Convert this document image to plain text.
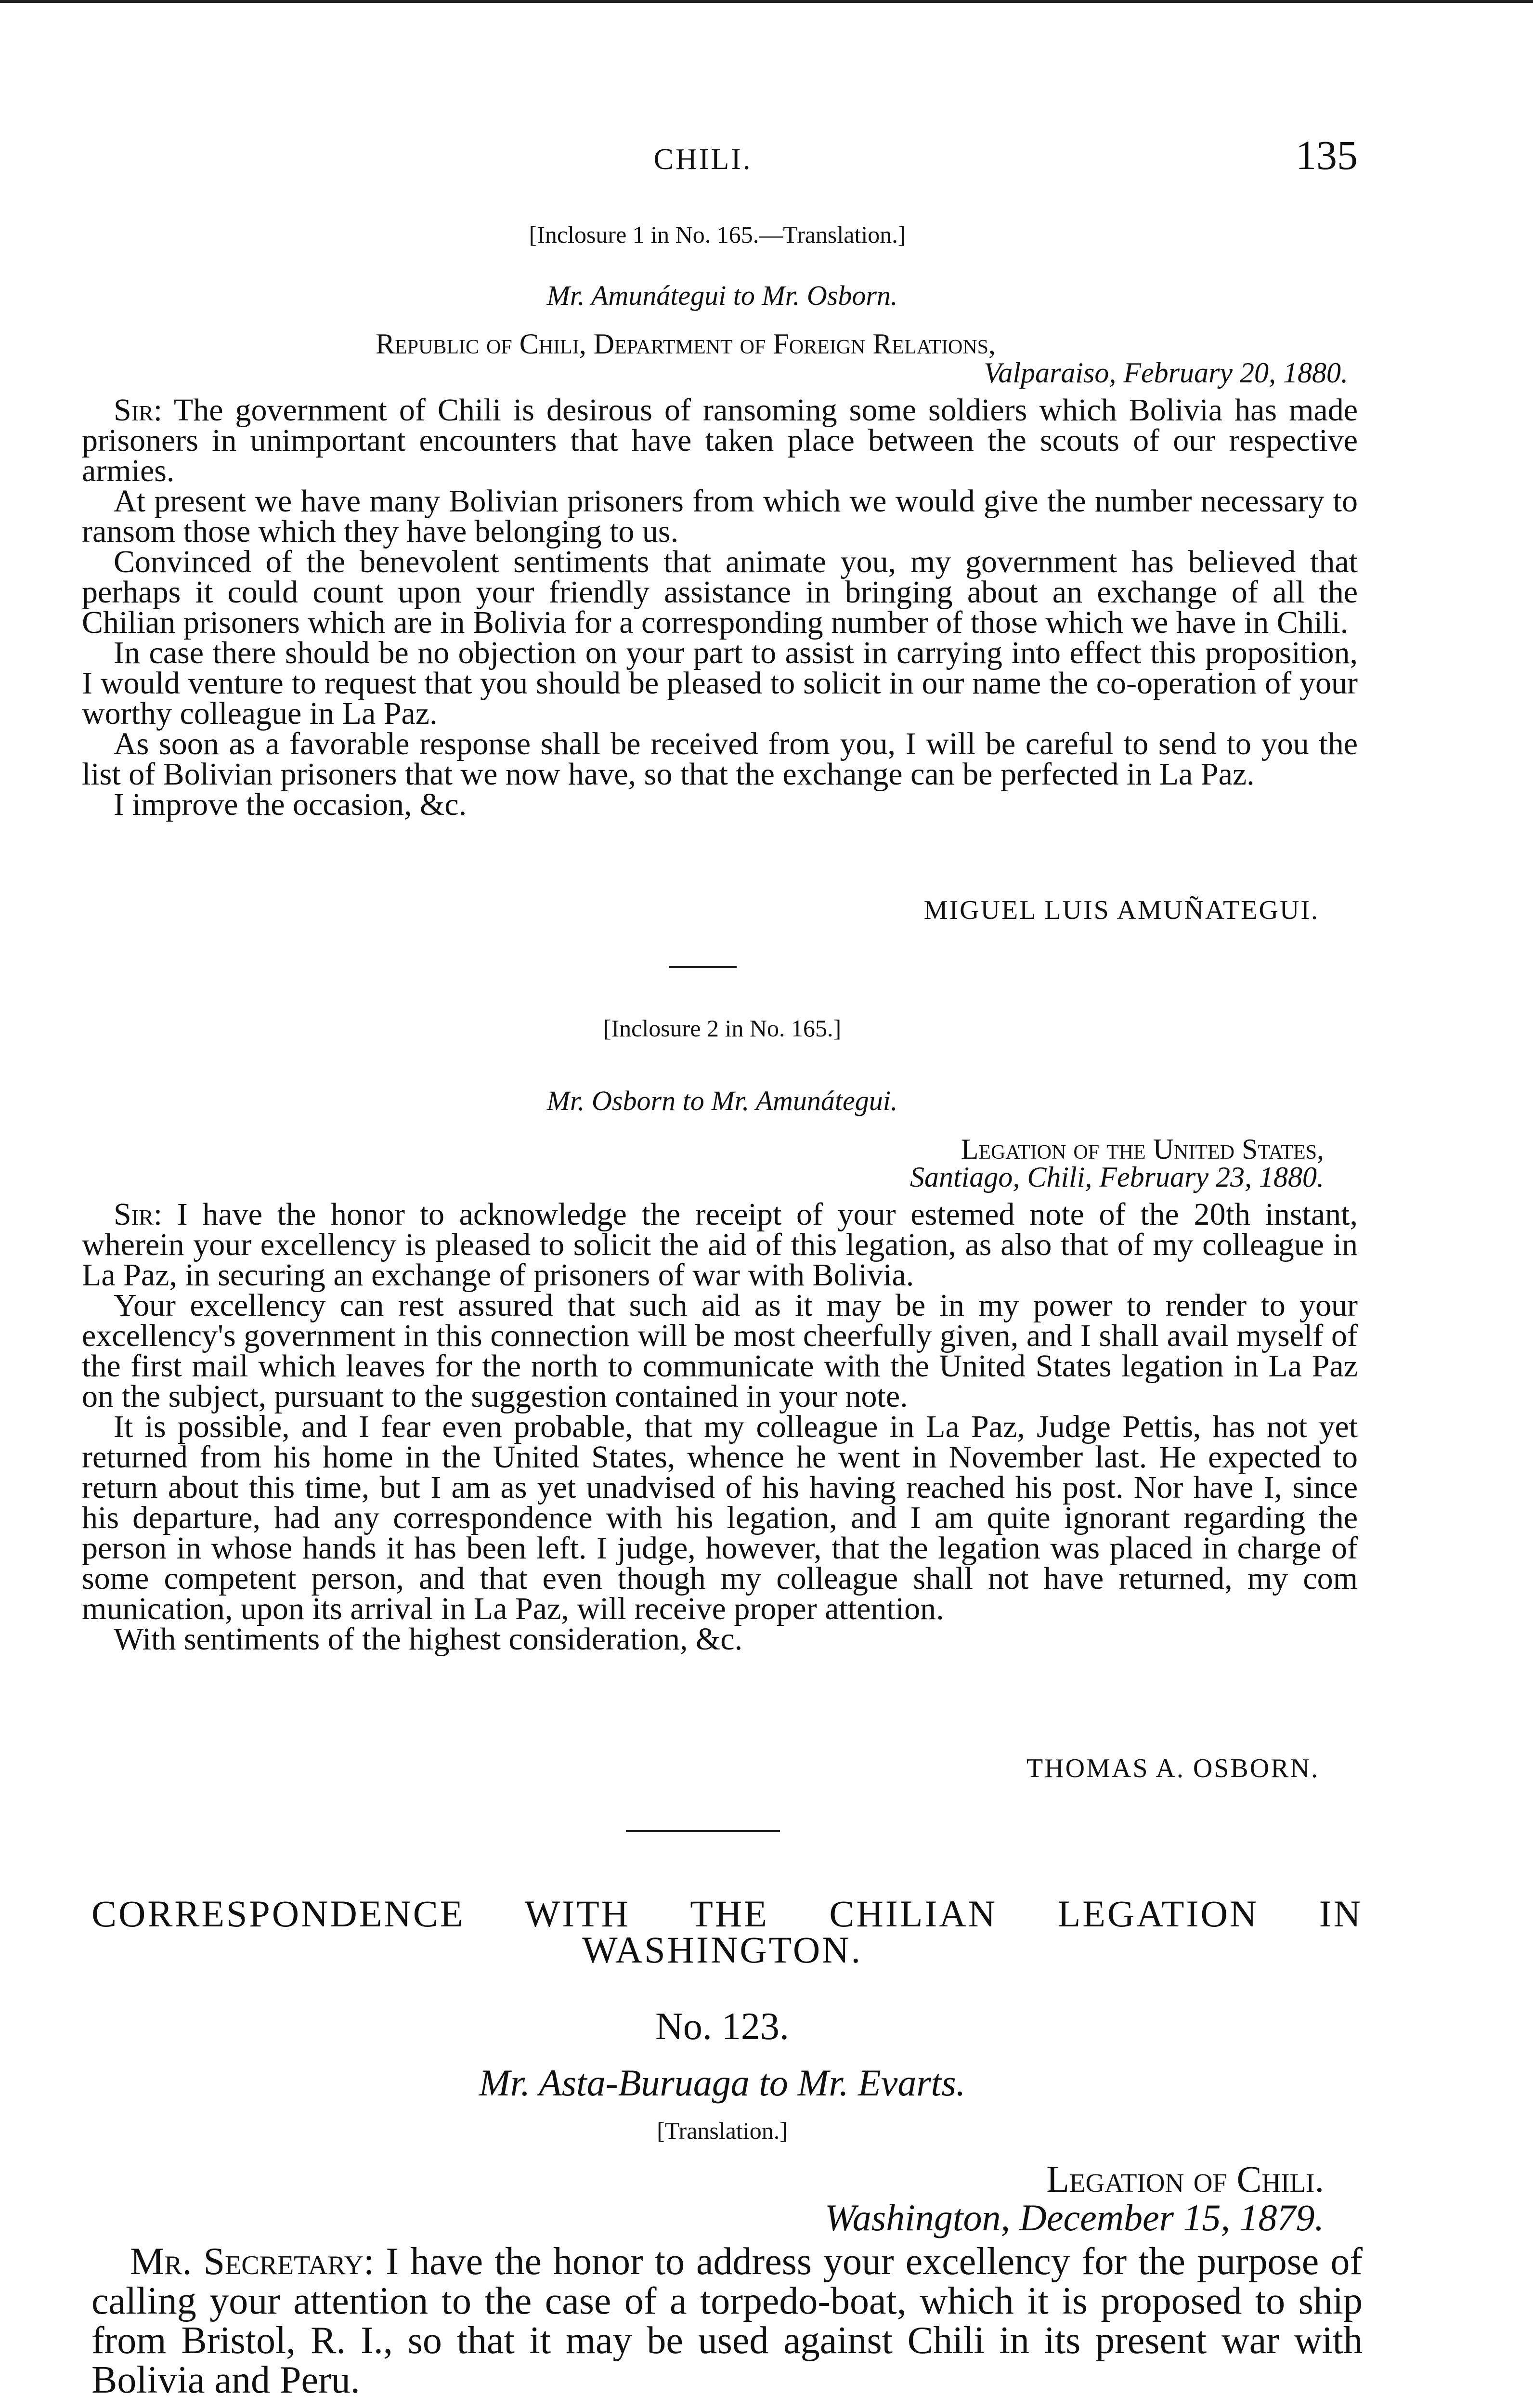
CHILI.	135
[Inclosure 1 in No. 165.—Translation.]
Mr. Amunátegui to Mr. Osborn.
Republic of Chili, Department of Foreign Relations,
Valparaiso, February 20, 1880.

Sir: The government of Chili is desirous of ransoming some soldiers which Bolivia has made prisoners in unimportant encounters that have taken place between the scouts of our respective armies.

At present we have many Bolivian prisoners from which we would give the number necessary to ransom those which they have belonging to us.

Convinced of the benevolent sentiments that animate you, my government has believed that perhaps it could count upon your friendly assistance in bringing about an exchange of all the Chilian prisoners which are in Bolivia for a corresponding number of those which we have in Chili.

In case there should be no objection on your part to assist in carrying into effect this proposition, I would venture to request that you should be pleased to solicit in our name the co-operation of your worthy colleague in La Paz.

As soon as a favorable response shall be received from you, I will be careful to send to you the list of Bolivian prisoners that we now have, so that the exchange can be perfected in La Paz.

I improve the occasion, &c.

MIGUEL LUIS AMUÑATEGUI.
[Inclosure 2 in No. 165.]
Mr. Osborn to Mr. Amunátegui.
Legation of the United States,
Santiago, Chili, February 23, 1880.

Sir: I have the honor to acknowledge the receipt of your estemed note of the 20th instant, wherein your excellency is pleased to solicit the aid of this legation, as also that of my colleague in La Paz, in securing an exchange of prisoners of war with Bolivia.

Your excellency can rest assured that such aid as it may be in my power to render to your excellency's government in this connection will be most cheerfully given, and I shall avail myself of the first mail which leaves for the north to communicate with the United States legation in La Paz on the subject, pursuant to the suggestion contained in your note.

It is possible, and I fear even probable, that my colleague in La Paz, Judge Pettis, has not yet returned from his home in the United States, whence he went in November last. He expected to return about this time, but I am as yet unadvised of his having reached his post. Nor have I, since his departure, had any correspondence with his legation, and I am quite ignorant regarding the person in whose hands it has been left. I judge, however, that the legation was placed in charge of some competent person, and that even though my colleague shall not have returned, my com munication, upon its arrival in La Paz, will receive proper attention.

With sentiments of the highest consideration, &c.

THOMAS A. OSBORN.
CORRESPONDENCE WITH THE CHILIAN LEGATION IN
WASHINGTON.
No. 123.
Mr. Asta-Buruaga to Mr. Evarts.
[Translation.]
Legation of Chili.
Washington, December 15, 1879.

Mr. Secretary: I have the honor to address your excellency for the purpose of calling your attention to the case of a torpedo-boat, which it is proposed to ship from Bristol, R. I., so that it may be used against Chili in its present war with Bolivia and Peru.
